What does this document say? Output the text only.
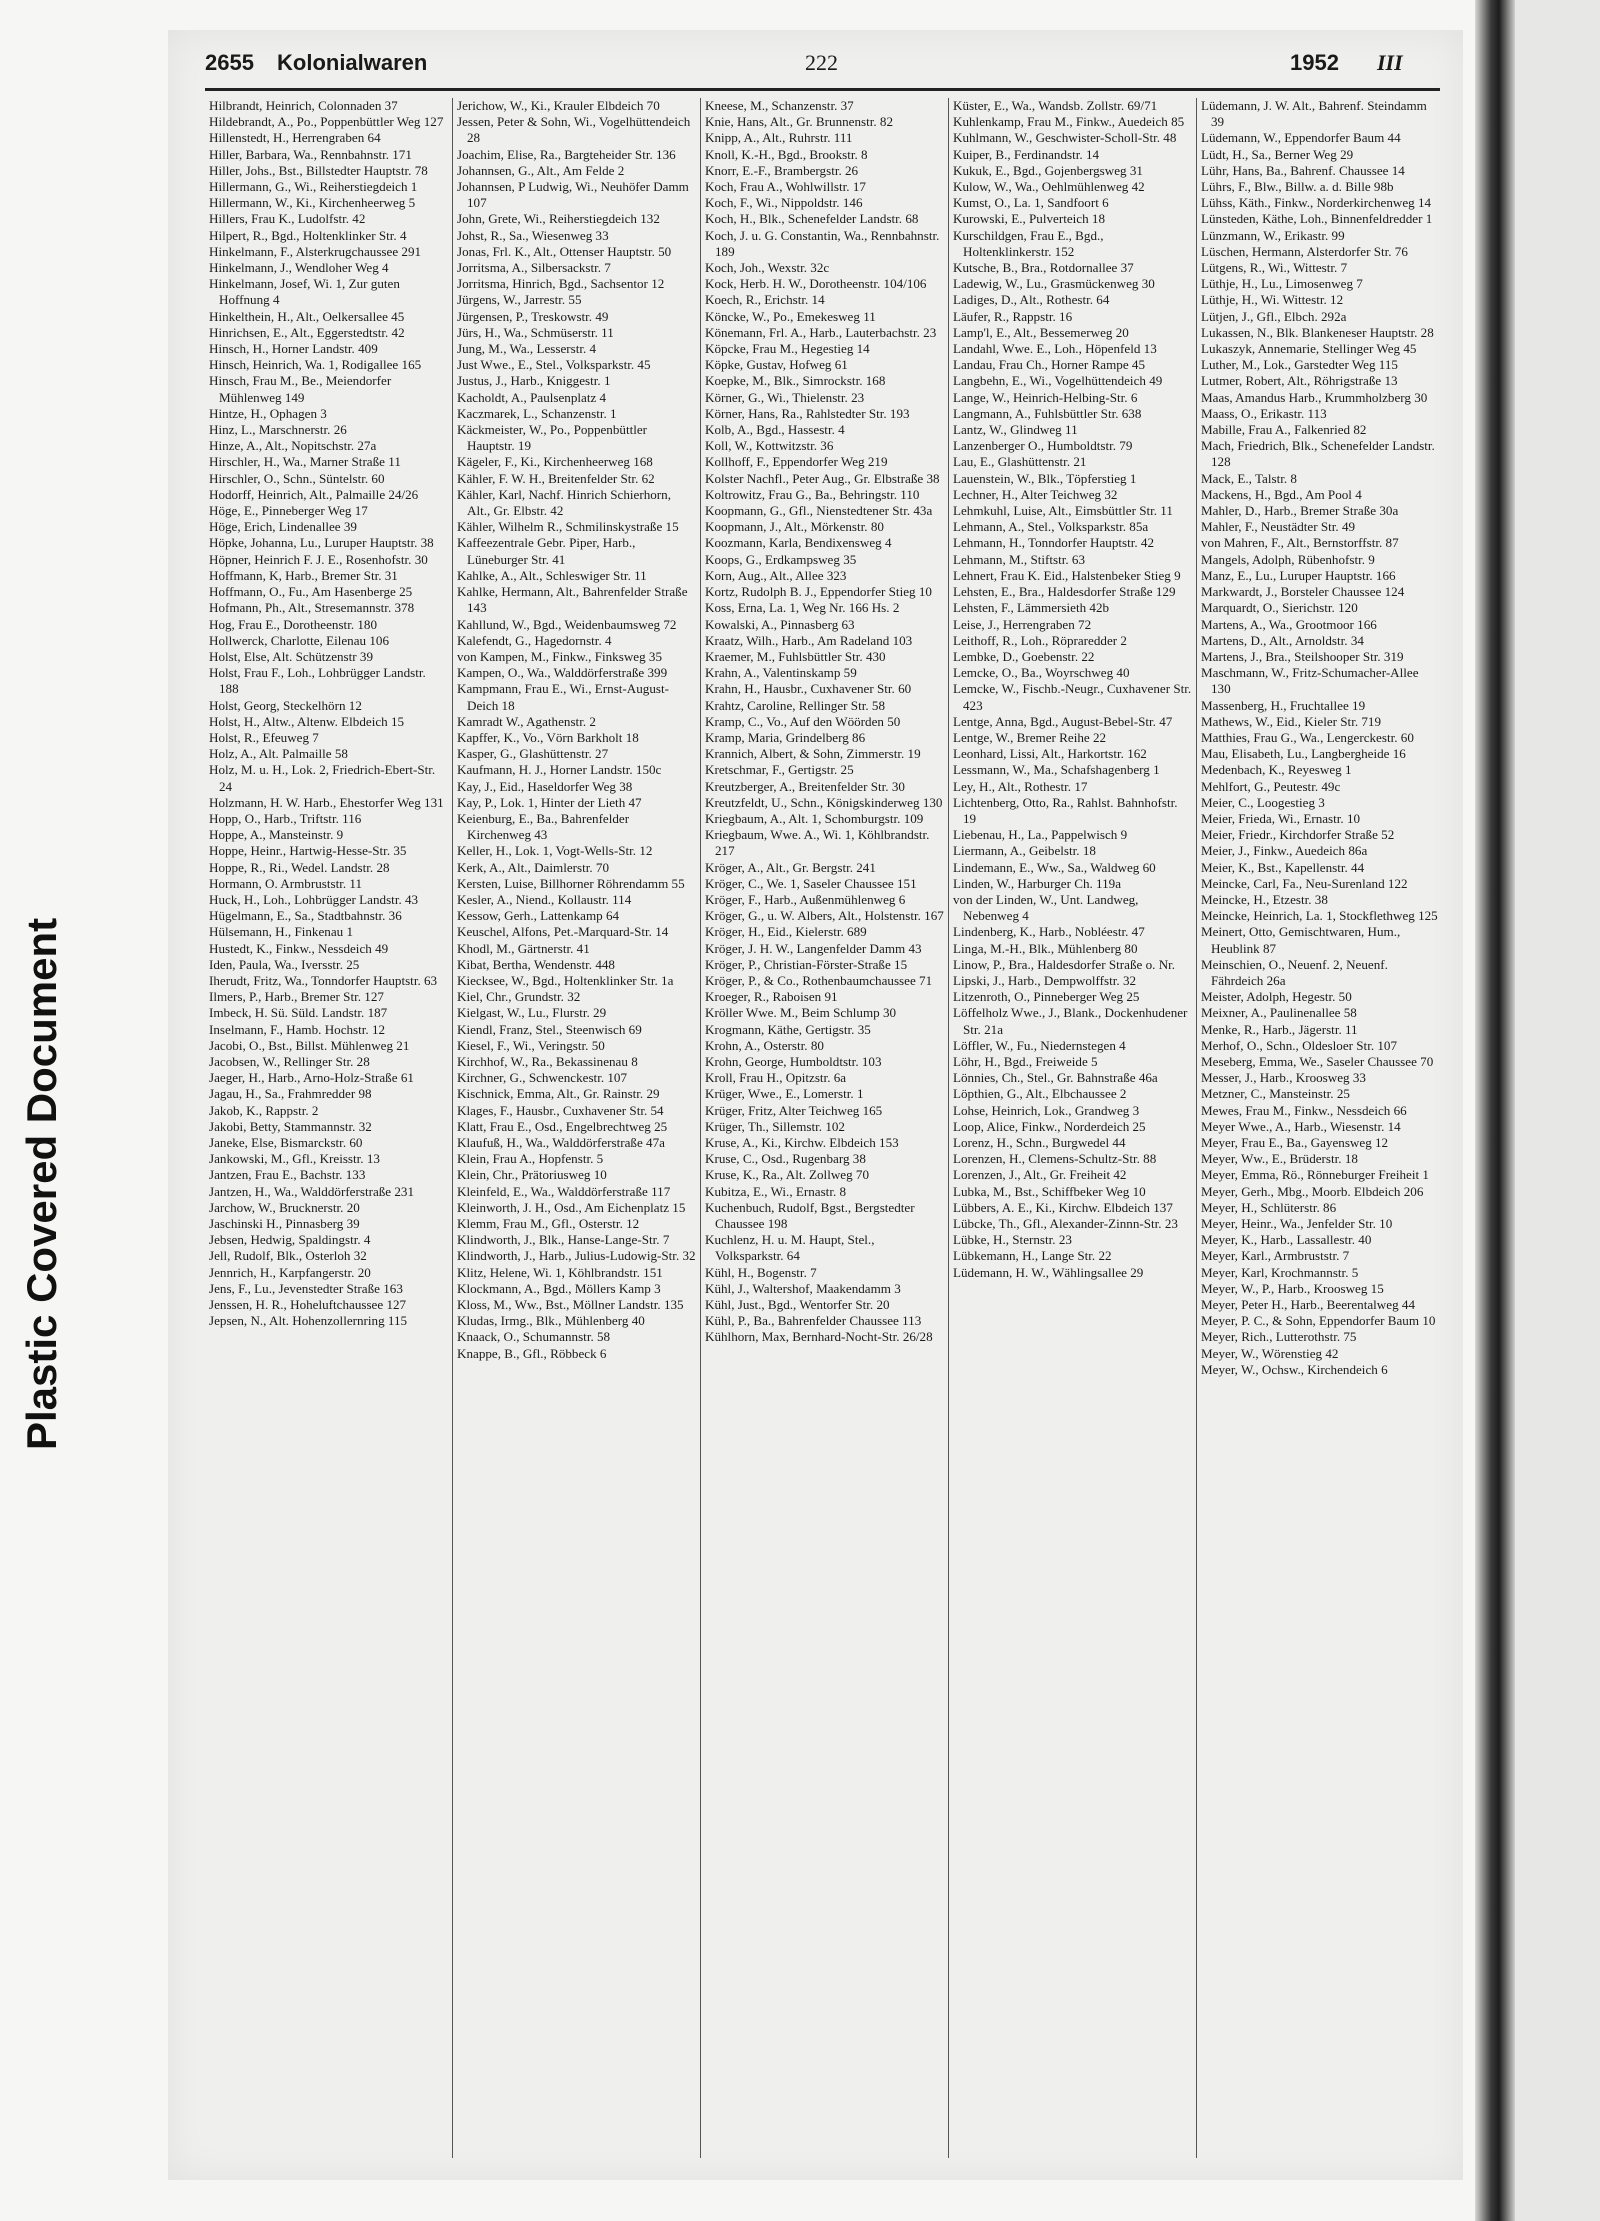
Plastic Covered Document
2655 Kolonialwaren	222	1952 III

Hilbrandt, Heinrich, Colonnaden 37

Hildebrandt, A., Po., Poppenbüttler Weg 127

Hillenstedt, H., Herrengraben 64

Hiller, Barbara, Wa., Rennbahnstr. 171

Hiller, Johs., Bst., Billstedter Hauptstr. 78

Hillermann, G., Wi., Reiherstiegdeich 1

Hillermann, W., Ki., Kirchenheerweg 5

Hillers, Frau K., Ludolfstr. 42

Hilpert, R., Bgd., Holtenklinker Str. 4

Hinkelmann, F., Alsterkrugchaussee 291

Hinkelmann, J., Wendloher Weg 4

Hinkelmann, Josef, Wi. 1, Zur guten Hoffnung 4

Hinkelthein, H., Alt., Oelkersallee 45

Hinrichsen, E., Alt., Eggerstedtstr. 42

Hinsch, H., Horner Landstr. 409

Hinsch, Heinrich, Wa. 1, Rodigallee 165

Hinsch, Frau M., Be., Meiendorfer Mühlenweg 149

Hintze, H., Ophagen 3

Hinz, L., Marschnerstr. 26

Hinze, A., Alt., Nopitschstr. 27a

Hirschler, H., Wa., Marner Straße 11

Hirschler, O., Schn., Süntelstr. 60

Hodorff, Heinrich, Alt., Palmaille 24/26

Höge, E., Pinneberger Weg 17

Höge, Erich, Lindenallee 39

Höpke, Johanna, Lu., Luruper Hauptstr. 38

Höpner, Heinrich F. J. E., Rosenhofstr. 30

Hoffmann, K, Harb., Bremer Str. 31

Hoffmann, O., Fu., Am Hasenberge 25

Hofmann, Ph., Alt., Stresemannstr. 378

Hog, Frau E., Dorotheenstr. 180

Hollwerck, Charlotte, Eilenau 106

Holst, Else, Alt. Schützenstr 39

Holst, Frau F., Loh., Lohbrügger Landstr. 188

Holst, Georg, Steckelhörn 12

Holst, H., Altw., Altenw. Elbdeich 15

Holst, R., Efeuweg 7

Holz, A., Alt. Palmaille 58

Holz, M. u. H., Lok. 2, Friedrich-Ebert-Str. 24

Holzmann, H. W. Harb., Ehestorfer Weg 131

Hopp, O., Harb., Triftstr. 116

Hoppe, A., Mansteinstr. 9

Hoppe, Heinr., Hartwig-Hesse-Str. 35

Hoppe, R., Ri., Wedel. Landstr. 28

Hormann, O. Armbruststr. 11

Huck, H., Loh., Lohbrügger Landstr. 43

Hügelmann, E., Sa., Stadtbahnstr. 36

Hülsemann, H., Finkenau 1

Hustedt, K., Finkw., Nessdeich 49

Iden, Paula, Wa., Iversstr. 25

Iherudt, Fritz, Wa., Tonndorfer Hauptstr. 63

Ilmers, P., Harb., Bremer Str. 127

Imbeck, H. Sü. Süld. Landstr. 187

Inselmann, F., Hamb. Hochstr. 12

Jacobi, O., Bst., Billst. Mühlenweg 21

Jacobsen, W., Rellinger Str. 28

Jaeger, H., Harb., Arno-Holz-Straße 61

Jagau, H., Sa., Frahmredder 98

Jakob, K., Rappstr. 2

Jakobi, Betty, Stammannstr. 32

Janeke, Else, Bismarckstr. 60

Jankowski, M., Gfl., Kreisstr. 13

Jantzen, Frau E., Bachstr. 133

Jantzen, H., Wa., Walddörferstraße 231

Jarchow, W., Brucknerstr. 20

Jaschinski H., Pinnasberg 39

Jebsen, Hedwig, Spaldingstr. 4

Jell, Rudolf, Blk., Osterloh 32

Jennrich, H., Karpfangerstr. 20

Jens, F., Lu., Jevenstedter Straße 163

Jenssen, H. R., Hoheluftchaussee 127

Jepsen, N., Alt. Hohenzollernring 115

Jerichow, W., Ki., Krauler Elbdeich 70

Jessen, Peter & Sohn, Wi., Vogelhüttendeich 28

Joachim, Elise, Ra., Bargteheider Str. 136

Johannsen, G., Alt., Am Felde 2

Johannsen, P Ludwig, Wi., Neuhöfer Damm 107

John, Grete, Wi., Reiherstiegdeich 132

Johst, R., Sa., Wiesenweg 33

Jonas, Frl. K., Alt., Ottenser Hauptstr. 50

Jorritsma, A., Silbersackstr. 7

Jorritsma, Hinrich, Bgd., Sachsentor 12

Jürgens, W., Jarrestr. 55

Jürgensen, P., Treskowstr. 49

Jürs, H., Wa., Schmüserstr. 11

Jung, M., Wa., Lesserstr. 4

Just Wwe., E., Stel., Volksparkstr. 45

Justus, J., Harb., Kniggestr. 1

Kacholdt, A., Paulsenplatz 4

Kaczmarek, L., Schanzenstr. 1

Käckmeister, W., Po., Poppenbüttler Hauptstr. 19

Kägeler, F., Ki., Kirchenheerweg 168

Kähler, F. W. H., Breitenfelder Str. 62

Kähler, Karl, Nachf. Hinrich Schierhorn, Alt., Gr. Elbstr. 42

Kähler, Wilhelm R., Schmilinskystraße 15

Kaffeezentrale Gebr. Piper, Harb., Lüneburger Str. 41

Kahlke, A., Alt., Schleswiger Str. 11

Kahlke, Hermann, Alt., Bahrenfelder Straße 143

Kahllund, W., Bgd., Weidenbaumsweg 72

Kalefendt, G., Hagedornstr. 4

von Kampen, M., Finkw., Finksweg 35

Kampen, O., Wa., Walddörferstraße 399

Kampmann, Frau E., Wi., Ernst-August-Deich 18

Kamradt W., Agathenstr. 2

Kapffer, K., Vo., Vörn Barkholt 18

Kasper, G., Glashüttenstr. 27

Kaufmann, H. J., Horner Landstr. 150c

Kay, J., Eid., Haseldorfer Weg 38

Kay, P., Lok. 1, Hinter der Lieth 47

Keienburg, E., Ba., Bahrenfelder Kirchenweg 43

Keller, H., Lok. 1, Vogt-Wells-Str. 12

Kerk, A., Alt., Daimlerstr. 70

Kersten, Luise, Billhorner Röhrendamm 55

Kesler, A., Niend., Kollaustr. 114

Kessow, Gerh., Lattenkamp 64

Keuschel, Alfons, Pet.-Marquard-Str. 14

Khodl, M., Gärtnerstr. 41

Kibat, Bertha, Wendenstr. 448

Kiecksee, W., Bgd., Holtenklinker Str. 1a

Kiel, Chr., Grundstr. 32

Kielgast, W., Lu., Flurstr. 29

Kiendl, Franz, Stel., Steenwisch 69

Kiesel, F., Wi., Veringstr. 50

Kirchhof, W., Ra., Bekassinenau 8

Kirchner, G., Schwenckestr. 107

Kischnick, Emma, Alt., Gr. Rainstr. 29

Klages, F., Hausbr., Cuxhavener Str. 54

Klatt, Frau E., Osd., Engelbrechtweg 25

Klaufuß, H., Wa., Walddörferstraße 47a

Klein, Frau A., Hopfenstr. 5

Klein, Chr., Prätoriusweg 10

Kleinfeld, E., Wa., Walddörferstraße 117

Kleinworth, J. H., Osd., Am Eichenplatz 15

Klemm, Frau M., Gfl., Osterstr. 12

Klindworth, J., Blk., Hanse-Lange-Str. 7

Klindworth, J., Harb., Julius-Ludowig-Str. 32

Klitz, Helene, Wi. 1, Köhlbrandstr. 151

Klockmann, A., Bgd., Möllers Kamp 3

Kloss, M., Ww., Bst., Möllner Landstr. 135

Kludas, Irmg., Blk., Mühlenberg 40

Knaack, O., Schumannstr. 58

Knappe, B., Gfl., Röbbeck 6

Kneese, M., Schanzenstr. 37

Knie, Hans, Alt., Gr. Brunnenstr. 82

Knipp, A., Alt., Ruhrstr. 111

Knoll, K.-H., Bgd., Brookstr. 8

Knorr, E.-F., Brambergstr. 26

Koch, Frau A., Wohlwillstr. 17

Koch, F., Wi., Nippoldstr. 146

Koch, H., Blk., Schenefelder Landstr. 68

Koch, J. u. G. Constantin, Wa., Rennbahnstr. 189

Koch, Joh., Wexstr. 32c

Kock, Herb. H. W., Dorotheenstr. 104/106

Koech, R., Erichstr. 14

Köncke, W., Po., Emekesweg 11

Könemann, Frl. A., Harb., Lauterbachstr. 23

Köpcke, Frau M., Hegestieg 14

Köpke, Gustav, Hofweg 61

Koepke, M., Blk., Simrockstr. 168

Körner, G., Wi., Thielenstr. 23

Körner, Hans, Ra., Rahlstedter Str. 193

Kolb, A., Bgd., Hassestr. 4

Koll, W., Kottwitzstr. 36

Kollhoff, F., Eppendorfer Weg 219

Kolster Nachfl., Peter Aug., Gr. Elbstraße 38

Koltrowitz, Frau G., Ba., Behringstr. 110

Koopmann, G., Gfl., Nienstedtener Str. 43a

Koopmann, J., Alt., Mörkenstr. 80

Koozmann, Karla, Bendixensweg 4

Koops, G., Erdkampsweg 35

Korn, Aug., Alt., Allee 323

Kortz, Rudolph B. J., Eppendorfer Stieg 10

Koss, Erna, La. 1, Weg Nr. 166 Hs. 2

Kowalski, A., Pinnasberg 63

Kraatz, Wilh., Harb., Am Radeland 103

Kraemer, M., Fuhlsbüttler Str. 430

Krahn, A., Valentinskamp 59

Krahn, H., Hausbr., Cuxhavener Str. 60

Krahtz, Caroline, Rellinger Str. 58

Kramp, C., Vo., Auf den Wöörden 50

Kramp, Maria, Grindelberg 86

Krannich, Albert, & Sohn, Zimmerstr. 19

Kretschmar, F., Gertigstr. 25

Kreutzberger, A., Breitenfelder Str. 30

Kreutzfeldt, U., Schn., Königskinderweg 130

Kriegbaum, A., Alt. 1, Schomburgstr. 109

Kriegbaum, Wwe. A., Wi. 1, Köhlbrandstr. 217

Kröger, A., Alt., Gr. Bergstr. 241

Kröger, C., We. 1, Saseler Chaussee 151

Kröger, F., Harb., Außenmühlenweg 6

Kröger, G., u. W. Albers, Alt., Holstenstr. 167

Kröger, H., Eid., Kielerstr. 689

Kröger, J. H. W., Langenfelder Damm 43

Kröger, P., Christian-Förster-Straße 15

Kröger, P., & Co., Rothenbaumchaussee 71

Kroeger, R., Raboisen 91

Kröller Wwe. M., Beim Schlump 30

Krogmann, Käthe, Gertigstr. 35

Krohn, A., Osterstr. 80

Krohn, George, Humboldtstr. 103

Kroll, Frau H., Opitzstr. 6a

Krüger, Wwe., E., Lomerstr. 1

Krüger, Fritz, Alter Teichweg 165

Krüger, Th., Sillemstr. 102

Kruse, A., Ki., Kirchw. Elbdeich 153

Kruse, C., Osd., Rugenbarg 38

Kruse, K., Ra., Alt. Zollweg 70

Kubitza, E., Wi., Ernastr. 8

Kuchenbuch, Rudolf, Bgst., Bergstedter Chaussee 198

Kuchlenz, H. u. M. Haupt, Stel., Volksparkstr. 64

Kühl, H., Bogenstr. 7

Kühl, J., Waltershof, Maakendamm 3

Kühl, Just., Bgd., Wentorfer Str. 20

Kühl, P., Ba., Bahrenfelder Chaussee 113

Kühlhorn, Max, Bernhard-Nocht-Str. 26/28

Küster, E., Wa., Wandsb. Zollstr. 69/71

Kuhlenkamp, Frau M., Finkw., Auedeich 85

Kuhlmann, W., Geschwister-Scholl-Str. 48

Kuiper, B., Ferdinandstr. 14

Kukuk, E., Bgd., Gojenbergsweg 31

Kulow, W., Wa., Oehlmühlenweg 42

Kumst, O., La. 1, Sandfoort 6

Kurowski, E., Pulverteich 18

Kurschildgen, Frau E., Bgd., Holtenklinkerstr. 152

Kutsche, B., Bra., Rotdornallee 37

Ladewig, W., Lu., Grasmückenweg 30

Ladiges, D., Alt., Rothestr. 64

Läufer, R., Rappstr. 16

Lamp'l, E., Alt., Bessemerweg 20

Landahl, Wwe. E., Loh., Höpenfeld 13

Landau, Frau Ch., Horner Rampe 45

Langbehn, E., Wi., Vogelhüttendeich 49

Lange, W., Heinrich-Helbing-Str. 6

Langmann, A., Fuhlsbüttler Str. 638

Lantz, W., Glindweg 11

Lanzenberger O., Humboldtstr. 79

Lau, E., Glashüttenstr. 21

Lauenstein, W., Blk., Töpferstieg 1

Lechner, H., Alter Teichweg 32

Lehmkuhl, Luise, Alt., Eimsbüttler Str. 11

Lehmann, A., Stel., Volksparkstr. 85a

Lehmann, H., Tonndorfer Hauptstr. 42

Lehmann, M., Stiftstr. 63

Lehnert, Frau K. Eid., Halstenbeker Stieg 9

Lehsten, E., Bra., Haldesdorfer Straße 129

Lehsten, F., Lämmersieth 42b

Leise, J., Herrengraben 72

Leithoff, R., Loh., Röpraredder 2

Lembke, D., Goebenstr. 22

Lemcke, O., Ba., Woyrschweg 40

Lemcke, W., Fischb.-Neugr., Cuxhavener Str. 423

Lentge, Anna, Bgd., August-Bebel-Str. 47

Lentge, W., Bremer Reihe 22

Leonhard, Lissi, Alt., Harkortstr. 162

Lessmann, W., Ma., Schafshagenberg 1

Ley, H., Alt., Rothestr. 17

Lichtenberg, Otto, Ra., Rahlst. Bahnhofstr. 19

Liebenau, H., La., Pappelwisch 9

Liermann, A., Geibelstr. 18

Lindemann, E., Ww., Sa., Waldweg 60

Linden, W., Harburger Ch. 119a

von der Linden, W., Unt. Landweg, Nebenweg 4

Lindenberg, K., Harb., Nobléestr. 47

Linga, M.-H., Blk., Mühlenberg 80

Linow, P., Bra., Haldesdorfer Straße o. Nr.

Lipski, J., Harb., Dempwolffstr. 32

Litzenroth, O., Pinneberger Weg 25

Löffelholz Wwe., J., Blank., Dockenhudener Str. 21a

Löffler, W., Fu., Niedernstegen 4

Löhr, H., Bgd., Freiweide 5

Lönnies, Ch., Stel., Gr. Bahnstraße 46a

Löpthien, G., Alt., Elbchaussee 2

Lohse, Heinrich, Lok., Grandweg 3

Loop, Alice, Finkw., Norderdeich 25

Lorenz, H., Schn., Burgwedel 44

Lorenzen, H., Clemens-Schultz-Str. 88

Lorenzen, J., Alt., Gr. Freiheit 42

Lubka, M., Bst., Schiffbeker Weg 10

Lübbers, A. E., Ki., Kirchw. Elbdeich 137

Lübcke, Th., Gfl., Alexander-Zinnn-Str. 23

Lübke, H., Sternstr. 23

Lübkemann, H., Lange Str. 22

Lüdemann, H. W., Wählingsallee 29

Lüdemann, J. W. Alt., Bahrenf. Steindamm 39

Lüdemann, W., Eppendorfer Baum 44

Lüdt, H., Sa., Berner Weg 29

Lühr, Hans, Ba., Bahrenf. Chaussee 14

Lührs, F., Blw., Billw. a. d. Bille 98b

Lühss, Käth., Finkw., Norderkirchenweg 14

Lünsteden, Käthe, Loh., Binnenfeldredder 1

Lünzmann, W., Erikastr. 99

Lüschen, Hermann, Alsterdorfer Str. 76

Lütgens, R., Wi., Wittestr. 7

Lüthje, H., Lu., Limosenweg 7

Lüthje, H., Wi. Wittestr. 12

Lütjen, J., Gfl., Elbch. 292a

Lukassen, N., Blk. Blankeneser Hauptstr. 28

Lukaszyk, Annemarie, Stellinger Weg 45

Luther, M., Lok., Garstedter Weg 115

Lutmer, Robert, Alt., Röhrigstraße 13

Maas, Amandus Harb., Krummholzberg 30

Maass, O., Erikastr. 113

Mabille, Frau A., Falkenried 82

Mach, Friedrich, Blk., Schenefelder Landstr. 128

Mack, E., Talstr. 8

Mackens, H., Bgd., Am Pool 4

Mahler, D., Harb., Bremer Straße 30a

Mahler, F., Neustädter Str. 49

von Mahren, F., Alt., Bernstorffstr. 87

Mangels, Adolph, Rübenhofstr. 9

Manz, E., Lu., Luruper Hauptstr. 166

Markwardt, J., Borsteler Chaussee 124

Marquardt, O., Sierichstr. 120

Martens, A., Wa., Grootmoor 166

Martens, D., Alt., Arnoldstr. 34

Martens, J., Bra., Steilshooper Str. 319

Maschmann, W., Fritz-Schumacher-Allee 130

Massenberg, H., Fruchtallee 19

Mathews, W., Eid., Kieler Str. 719

Matthies, Frau G., Wa., Lengerckestr. 60

Mau, Elisabeth, Lu., Langbergheide 16

Medenbach, K., Reyesweg 1

Mehlfort, G., Peutestr. 49c

Meier, C., Loogestieg 3

Meier, Frieda, Wi., Ernastr. 10

Meier, Friedr., Kirchdorfer Straße 52

Meier, J., Finkw., Auedeich 86a

Meier, K., Bst., Kapellenstr. 44

Meincke, Carl, Fa., Neu-Surenland 122

Meincke, H., Etzestr. 38

Meincke, Heinrich, La. 1, Stockflethweg 125

Meinert, Otto, Gemischtwaren, Hum., Heublink 87

Meinschien, O., Neuenf. 2, Neuenf. Fährdeich 26a

Meister, Adolph, Hegestr. 50

Meixner, A., Paulinenallee 58

Menke, R., Harb., Jägerstr. 11

Merhof, O., Schn., Oldesloer Str. 107

Meseberg, Emma, We., Saseler Chaussee 70

Messer, J., Harb., Kroosweg 33

Metzner, C., Mansteinstr. 25

Mewes, Frau M., Finkw., Nessdeich 66

Meyer Wwe., A., Harb., Wiesenstr. 14

Meyer, Frau E., Ba., Gayensweg 12

Meyer, Ww., E., Brüderstr. 18

Meyer, Emma, Rö., Rönneburger Freiheit 1

Meyer, Gerh., Mbg., Moorb. Elbdeich 206

Meyer, H., Schlüterstr. 86

Meyer, Heinr., Wa., Jenfelder Str. 10

Meyer, K., Harb., Lassallestr. 40

Meyer, Karl., Armbruststr. 7

Meyer, Karl, Krochmannstr. 5

Meyer, W., P., Harb., Kroosweg 15

Meyer, Peter H., Harb., Beerentalweg 44

Meyer, P. C., & Sohn, Eppendorfer Baum 10

Meyer, Rich., Lutterothstr. 75

Meyer, W., Wörenstieg 42

Meyer, W., Ochsw., Kirchendeich 6
